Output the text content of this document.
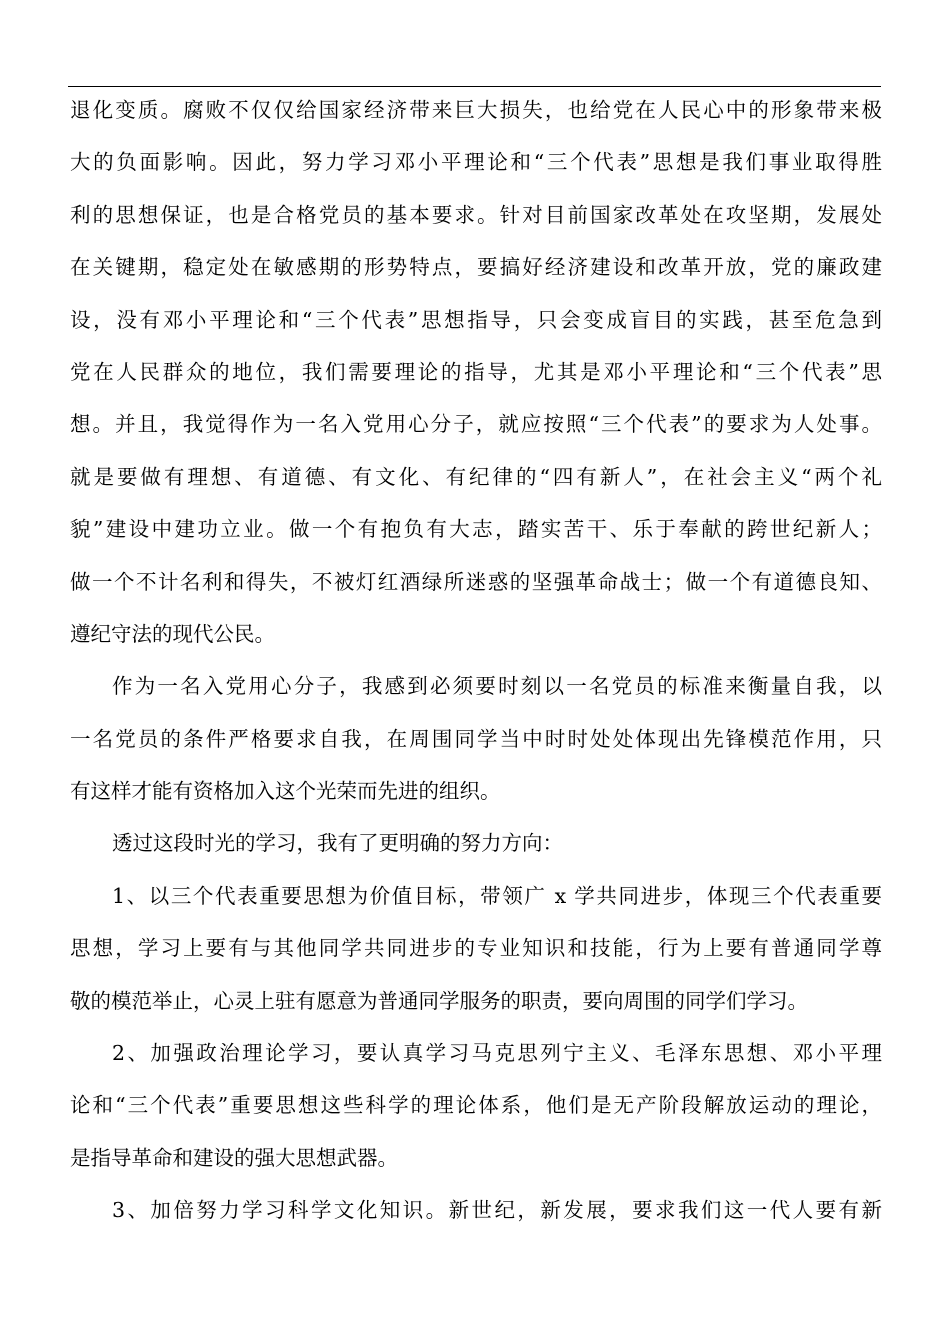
退化变质。腐败不仅仅给国家经济带来巨大损失，也给党在人民心中的形象带来极
大的负面影响。因此，努力学习邓小平理论和“三个代表”思想是我们事业取得胜
利的思想保证，也是合格党员的基本要求。针对目前国家改革处在攻坚期，发展处
在关键期，稳定处在敏感期的形势特点，要搞好经济建设和改革开放，党的廉政建
设，没有邓小平理论和“三个代表”思想指导，只会变成盲目的实践，甚至危急到
党在人民群众的地位，我们需要理论的指导，尤其是邓小平理论和“三个代表”思
想。并且，我觉得作为一名入党用心分子，就应按照“三个代表”的要求为人处事。
就是要做有理想、有道德、有文化、有纪律的“四有新人”，在社会主义“两个礼
貌”建设中建功立业。做一个有抱负有大志，踏实苦干、乐于奉献的跨世纪新人；
做一个不计名利和得失，不被灯红酒绿所迷惑的坚强革命战士；做一个有道德良知、
遵纪守法的现代公民。
作为一名入党用心分子，我感到必须要时刻以一名党员的标准来衡量自我，以
一名党员的条件严格要求自我，在周围同学当中时时处处体现出先锋模范作用，只
有这样才能有资格加入这个光荣而先进的组织。
透过这段时光的学习，我有了更明确的努力方向：
1、以三个代表重要思想为价值目标，带领广 x 学共同进步，体现三个代表重要
思想，学习上要有与其他同学共同进步的专业知识和技能，行为上要有普通同学尊
敬的模范举止，心灵上驻有愿意为普通同学服务的职责，要向周围的同学们学习。
2、加强政治理论学习，要认真学习马克思列宁主义、毛泽东思想、邓小平理
论和“三个代表”重要思想这些科学的理论体系，他们是无产阶段解放运动的理论，
是指导革命和建设的强大思想武器。
3、加倍努力学习科学文化知识。新世纪，新发展，要求我们这一代人要有新
